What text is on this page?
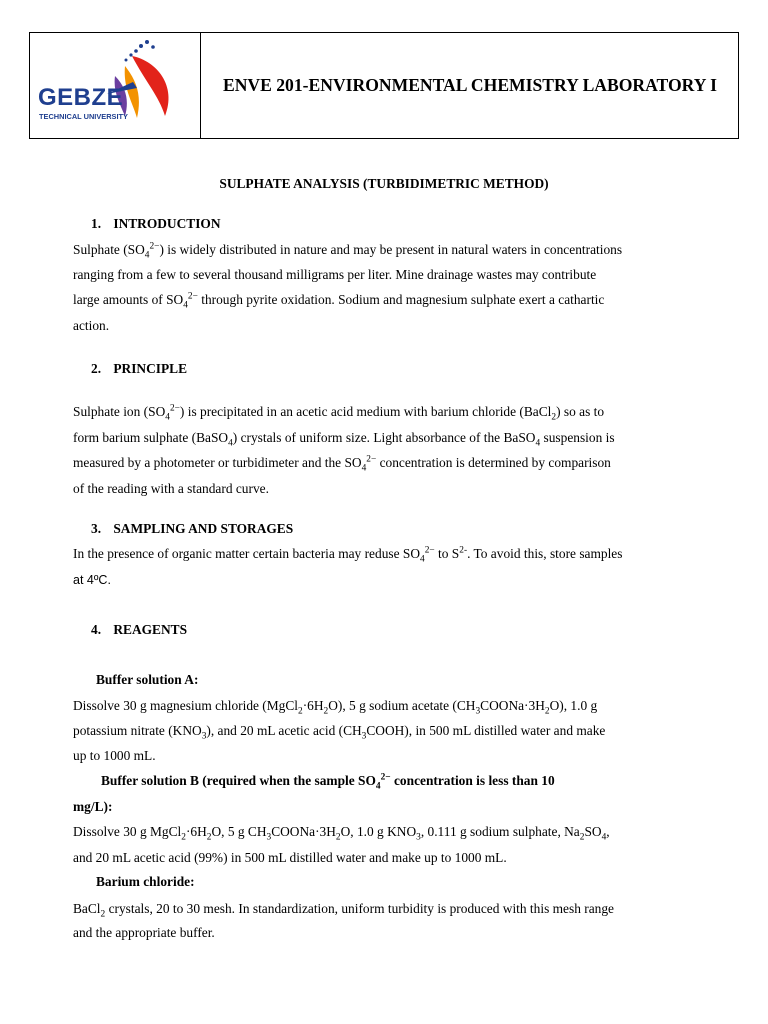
GEBZE
TECHNICAL UNIVERSITY
ENVE 201-ENVIRONMENTAL CHEMISTRY LABORATORY I
SULPHATE ANALYSIS (TURBIDIMETRIC METHOD)
1. INTRODUCTION
Sulphate $(SO_4^{2-})$ is widely distributed in nature and may be present in natural waters in concentrations
ranging from a few to several thousand milligrams per liter. Mine drainage wastes may contribute
large amounts of $SO_4^{2-}$ through pyrite oxidation. Sodium and magnesium sulphate exert a cathartic
action.
2. PRINCIPLE
Sulphate ion $(SO_4^{2-})$ is precipitated in an acetic acid medium with barium chloride (BaCl$_2$) so as to
form barium sulphate (BaSO$_4$) crystals of uniform size. Light absorbance of the BaSO$_4$ suspension is
measured by a photometer or turbidimeter and the $SO_4^{2-}$ concentration is determined by comparison
of the reading with a standard curve.
3. SAMPLING AND STORAGES
In the presence of organic matter certain bacteria may reduse $SO_4^{2-}$ to $S^{2-}$. To avoid this, store samples
at 4ºC.
4. REAGENTS
Buffer solution A:
Dissolve 30 g magnesium chloride $(MgCl_2\cdot 6H_2O)$, 5 g sodium acetate $(CH_3COONa\cdot 3H_2O)$, 1.0 g
potassium nitrate $(KNO_3)$, and 20 mL acetic acid $(CH_3COOH)$, in 500 mL distilled water and make
up to 1000 mL.
Buffer solution B (required when the sample $SO_4^{2-}$ concentration is less than 10
mg/L):
Dissolve 30 g $MgCl_2\cdot 6H_2O$, 5 g $CH_3COONa\cdot 3H_2O$, 1.0 g $KNO_3$, 0.111 g sodium sulphate, $Na_2SO_4$,
and 20 mL acetic acid (99%) in 500 mL distilled water and make up to 1000 mL.
Barium chloride:
BaCl$_2$ crystals, 20 to 30 mesh. In standardization, uniform turbidity is produced with this mesh range
and the appropriate buffer.
